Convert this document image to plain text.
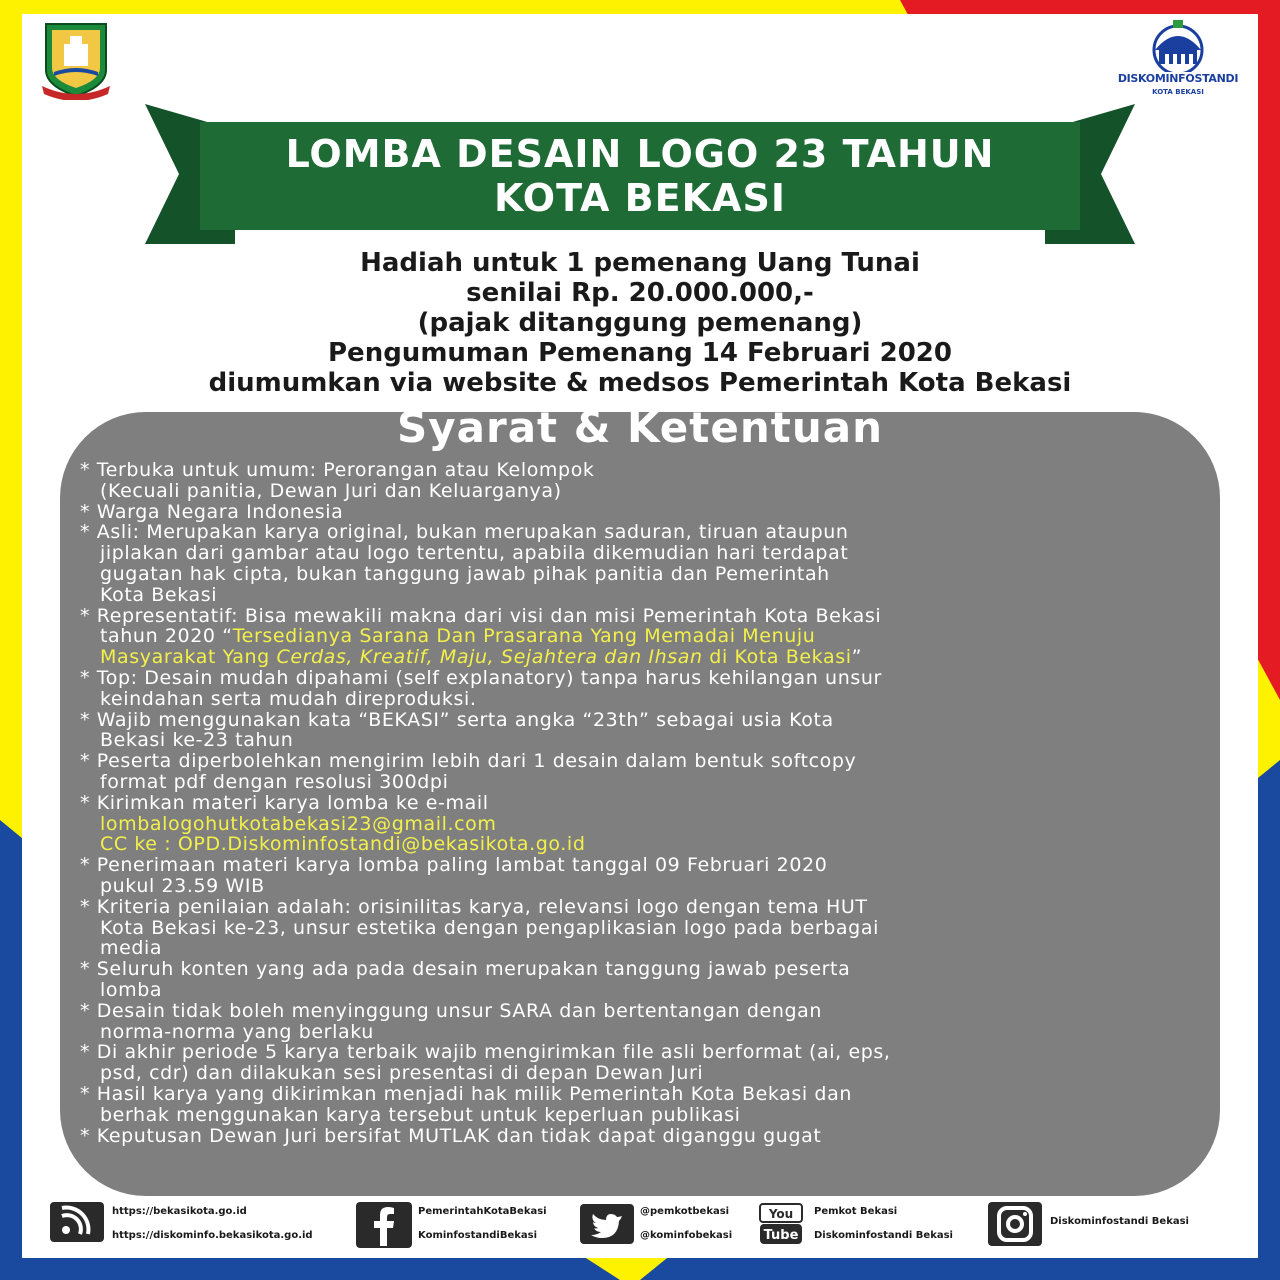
DISKOMINFOSTANDI
KOTA BEKASI
LOMBA DESAIN LOGO 23 TAHUN
KOTA BEKASI
Hadiah untuk 1 pemenang Uang Tunai
senilai Rp. 20.000.000,-
(pajak ditanggung pemenang)
Pengumuman Pemenang 14 Februari 2020
diumumkan via website & medsos Pemerintah Kota Bekasi
Syarat & Ketentuan
* Terbuka untuk umum: Perorangan atau Kelompok
(Kecuali panitia, Dewan Juri dan Keluarganya)
* Warga Negara Indonesia
* Asli: Merupakan karya original, bukan merupakan saduran, tiruan ataupun
jiplakan dari gambar atau logo tertentu, apabila dikemudian hari terdapat
gugatan hak cipta, bukan tanggung jawab pihak panitia dan Pemerintah
Kota Bekasi
* Representatif: Bisa mewakili makna dari visi dan misi Pemerintah Kota Bekasi
tahun 2020 “Tersedianya Sarana Dan Prasarana Yang Memadai Menuju
Masyarakat Yang Cerdas, Kreatif, Maju, Sejahtera dan Ihsan di Kota Bekasi”
* Top: Desain mudah dipahami (self explanatory) tanpa harus kehilangan unsur
keindahan serta mudah direproduksi.
* Wajib menggunakan kata “BEKASI” serta angka “23th” sebagai usia Kota
Bekasi ke-23 tahun
* Peserta diperbolehkan mengirim lebih dari 1 desain dalam bentuk softcopy
format pdf dengan resolusi 300dpi
* Kirimkan materi karya lomba ke e-mail
lombalogohutkotabekasi23@gmail.com
CC ke : OPD.Diskominfostandi@bekasikota.go.id
* Penerimaan materi karya lomba paling lambat tanggal 09 Februari 2020
pukul 23.59 WIB
* Kriteria penilaian adalah: orisinilitas karya, relevansi logo dengan tema HUT
Kota Bekasi ke-23, unsur estetika dengan pengaplikasian logo pada berbagai
media
* Seluruh konten yang ada pada desain merupakan tanggung jawab peserta
lomba
* Desain tidak boleh menyinggung unsur SARA dan bertentangan dengan
norma-norma yang berlaku
* Di akhir periode 5 karya terbaik wajib mengirimkan file asli berformat (ai, eps,
psd, cdr) dan dilakukan sesi presentasi di depan Dewan Juri
* Hasil karya yang dikirimkan menjadi hak milik Pemerintah Kota Bekasi dan
berhak menggunakan karya tersebut untuk keperluan publikasi
* Keputusan Dewan Juri bersifat MUTLAK dan tidak dapat diganggu gugat
https://bekasikota.go.id
https://diskominfo.bekasikota.go.id
PemerintahKotaBekasi
KominfostandiBekasi
@pemkotbekasi
@kominfobekasi
You
Tube
Pemkot Bekasi
Diskominfostandi Bekasi
Diskominfostandi Bekasi
